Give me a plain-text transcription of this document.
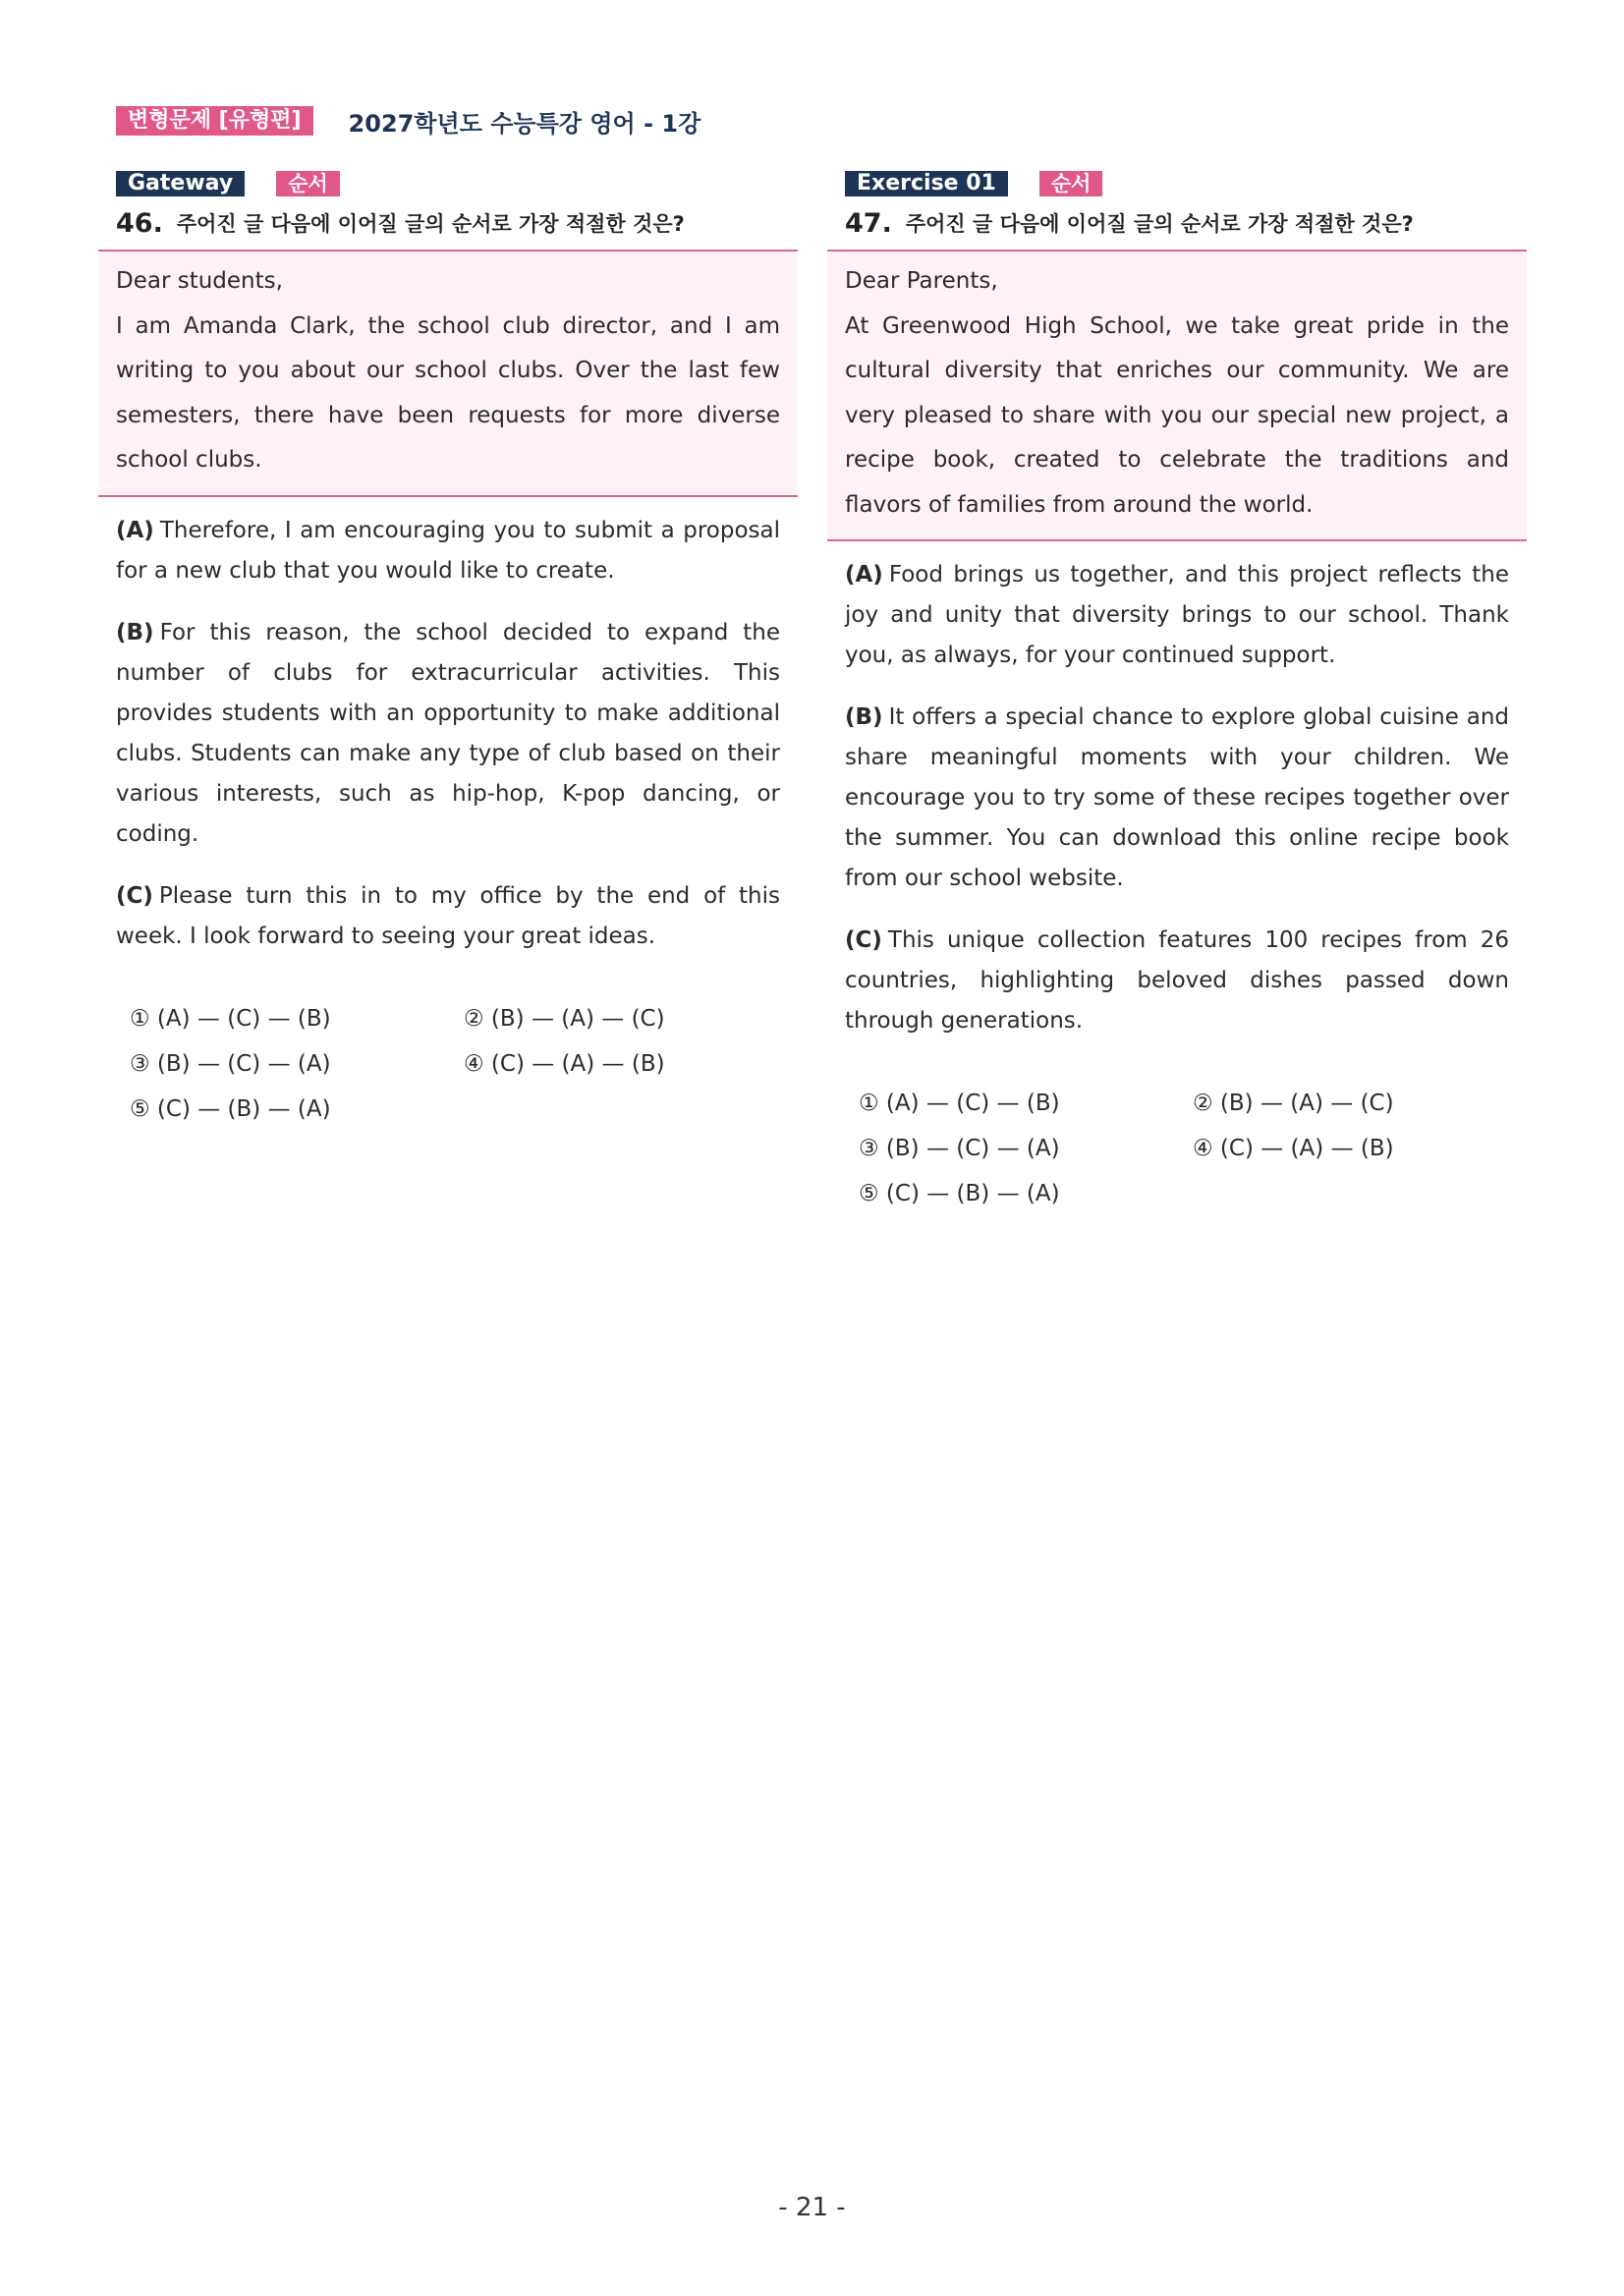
변형문제 [유형편]	2027학년도 수능특강 영어 - 1강
Gateway	순서
46. 주어진 글 다음에 이어질 글의 순서로 가장 적절한 것은?

Dear students,

I am Amanda Clark, the school club director, and I am writing to you about our school clubs. Over the last few semesters, there have been requests for more diverse school clubs.

(A) Therefore, I am encouraging you to submit a proposal for a new club that you would like to create.
(B) For this reason, the school decided to expand the number of clubs for extracurricular activities. This provides students with an opportunity to make additional clubs. Students can make any type of club based on their various interests, such as hip-hop, K-pop dancing, or coding.
(C) Please turn this in to my office by the end of this week. I look forward to seeing your great ideas.
① (A) — (C) — (B)	② (B) — (A) — (C)
③ (B) — (C) — (A)	④ (C) — (A) — (B)
⑤ (C) — (B) — (A)
Exercise 01	순서
47. 주어진 글 다음에 이어질 글의 순서로 가장 적절한 것은?

Dear Parents,

At Greenwood High School, we take great pride in the cultural diversity that enriches our community. We are very pleased to share with you our special new project, a recipe book, created to celebrate the traditions and flavors of families from around the world.

(A) Food brings us together, and this project reflects the joy and unity that diversity brings to our school. Thank you, as always, for your continued support.
(B) It offers a special chance to explore global cuisine and share meaningful moments with your children. We encourage you to try some of these recipes together over the summer. You can download this online recipe book from our school website.
(C) This unique collection features 100 recipes from 26 countries, highlighting beloved dishes passed down through generations.
① (A) — (C) — (B)	② (B) — (A) — (C)
③ (B) — (C) — (A)	④ (C) — (A) — (B)
⑤ (C) — (B) — (A)
- 21 -
